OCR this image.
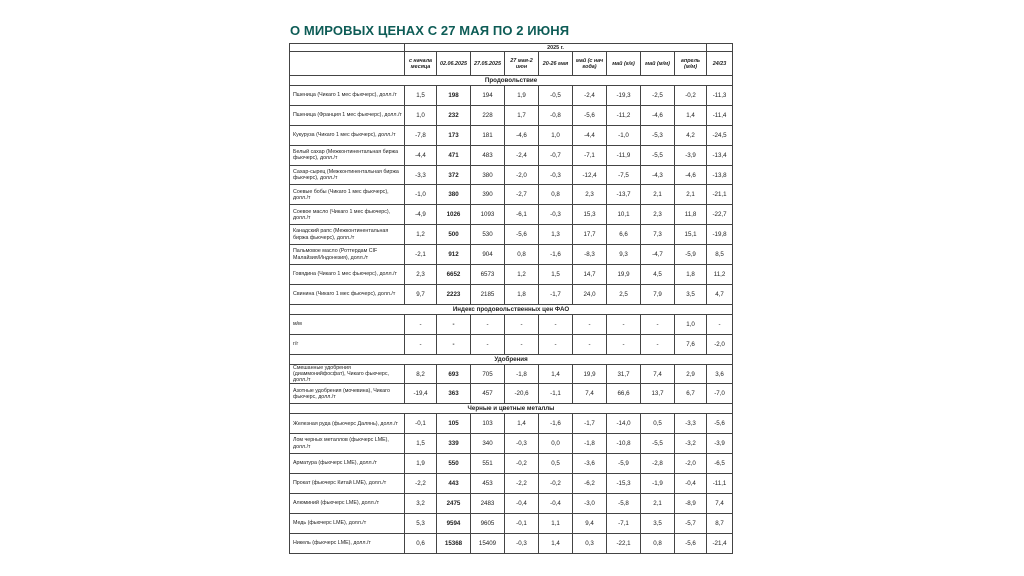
О МИРОВЫХ ЦЕНАХ С 27 МАЯ ПО 2 ИЮНЯ
	2025 г.									
	с начала месяца	02.06.2025	27.05.2025	27 мая-2 июн	20-26 мая	май (с нач года)	май (г/г)	май (м/м)	апрель (м/м)	24/23
Продовольствие										
Пшеница (Чикаго 1 мес фьючерс), долл./т	1,5	198	194	1,9	-0,5	-2,4	-19,3	-2,5	-0,2	-11,3
Пшеница (Франция 1 мес фьючерс), долл./т	1,0	232	228	1,7	-0,8	-5,6	-11,2	-4,6	1,4	-11,4
Кукуруза (Чикаго 1 мес фьючерс), долл./т	-7,8	173	181	-4,6	1,0	-4,4	-1,0	-5,3	4,2	-24,5
Белый сахар (Межконтинентальная биржа фьючерс), долл./т	-4,4	471	483	-2,4	-0,7	-7,1	-11,9	-5,5	-3,9	-13,4
Сахар-сырец (Межконтинентальная биржа фьючерс), долл./т	-3,3	372	380	-2,0	-0,3	-12,4	-7,5	-4,3	-4,6	-13,8
Соевые бобы (Чикаго 1 мес фьючерс), долл./т	-1,0	380	390	-2,7	0,8	2,3	-13,7	2,1	2,1	-21,1
Соевое масло (Чикаго 1 мес фьючерс), долл./т	-4,9	1026	1093	-6,1	-0,3	15,3	10,1	2,3	11,8	-22,7
Канадский рапс (Межконтинентальная биржа фьючерс), долл./т	1,2	500	530	-5,6	1,3	17,7	6,6	7,3	15,1	-19,8
Пальмовое масло (Роттердам CIF Малайзия/Индонезия), долл./т	-2,1	912	904	0,8	-1,6	-8,3	9,3	-4,7	-5,9	8,5
Говядина (Чикаго 1 мес фьючерс), долл./т	2,3	6652	6573	1,2	1,5	14,7	19,9	4,5	1,8	11,2
Свинина (Чикаго 1 мес фьючерс), долл./т	9,7	2223	2185	1,8	-1,7	24,0	2,5	7,9	3,5	4,7
Индекс продовольственных цен ФАО										
м/м	-	-	-	-	-	-	-	-	1,0	-
г/г	-	-	-	-	-	-	-	-	7,6	-2,0
Удобрения										
Смешанные удобрения (диаммонийфосфат), Чикаго фьючерс, долл./т	8,2	693	705	-1,8	1,4	19,9	31,7	7,4	2,9	3,6
Азотные удобрения (мочевина), Чикаго фьючерс, долл./т	-19,4	363	457	-20,6	-1,1	7,4	66,6	13,7	6,7	-7,0
Черные и цветные металлы										
Железная руда (фьючерс Далянь), долл./т	-0,1	105	103	1,4	-1,6	-1,7	-14,0	0,5	-3,3	-5,6
Лом черных металлов (фьючерс LME), долл./т	1,5	339	340	-0,3	0,0	-1,8	-10,8	-5,5	-3,2	-3,9
Арматура (фьючерс LME), долл./т	1,9	550	551	-0,2	0,5	-3,6	-5,9	-2,8	-2,0	-6,5
Прокат (фьючерс Китай LME), долл./т	-2,2	443	453	-2,2	-0,2	-6,2	-15,3	-1,9	-0,4	-11,1
Алюминий (фьючерс LME), долл./т	3,2	2475	2483	-0,4	-0,4	-3,0	-5,8	2,1	-8,9	7,4
Медь (фьючерс LME), долл./т	5,3	9594	9605	-0,1	1,1	9,4	-7,1	3,5	-5,7	8,7
Никель (фьючерс LME), долл./т	0,6	15368	15409	-0,3	1,4	0,3	-22,1	0,8	-5,6	-21,4
